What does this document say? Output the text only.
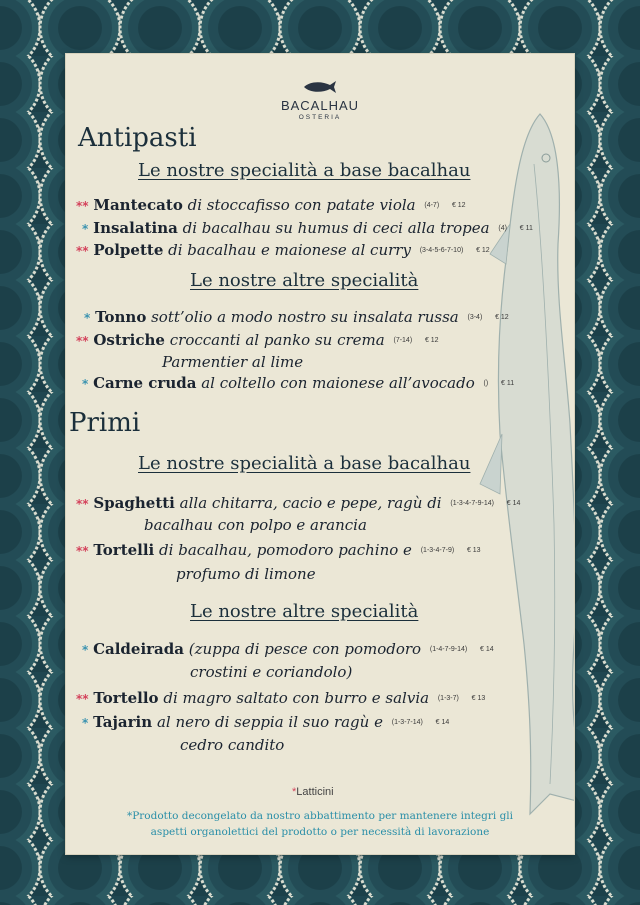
BACALHAU
OSTERIA
Antipasti
Le nostre specialità a base bacalhau
** Mantecato di stoccafisso con patate viola (4-7) € 12
* Insalatina di bacalhau su humus di ceci alla tropea (4) € 11
** Polpette di bacalhau e maionese al curry (3-4-5-6-7-10) € 12
Le nostre altre specialità
* Tonno sott’olio a modo nostro su insalata russa (3-4) € 12
** Ostriche croccanti al panko su crema (7-14) € 12
Parmentier al lime
* Carne cruda al coltello con maionese all’avocado () € 11
Primi
Le nostre specialità a base bacalhau
** Spaghetti alla chitarra, cacio e pepe, ragù di (1-3-4-7-9-14) € 14
bacalhau con polpo e arancia
** Tortelli di bacalhau, pomodoro pachino e (1-3-4-7-9) € 13
profumo di limone
Le nostre altre specialità
* Caldeirada (zuppa di pesce con pomodoro (1-4-7-9-14) € 14
crostini e coriandolo)
** Tortello di magro saltato con burro e salvia (1-3-7) € 13
* Tajarin al nero di seppia il suo ragù e (1-3-7-14) € 14
cedro candito
*Latticini
*Prodotto decongelato da nostro abbattimento per mantenere integri gli
aspetti organolettici del prodotto o per necessità di lavorazione
